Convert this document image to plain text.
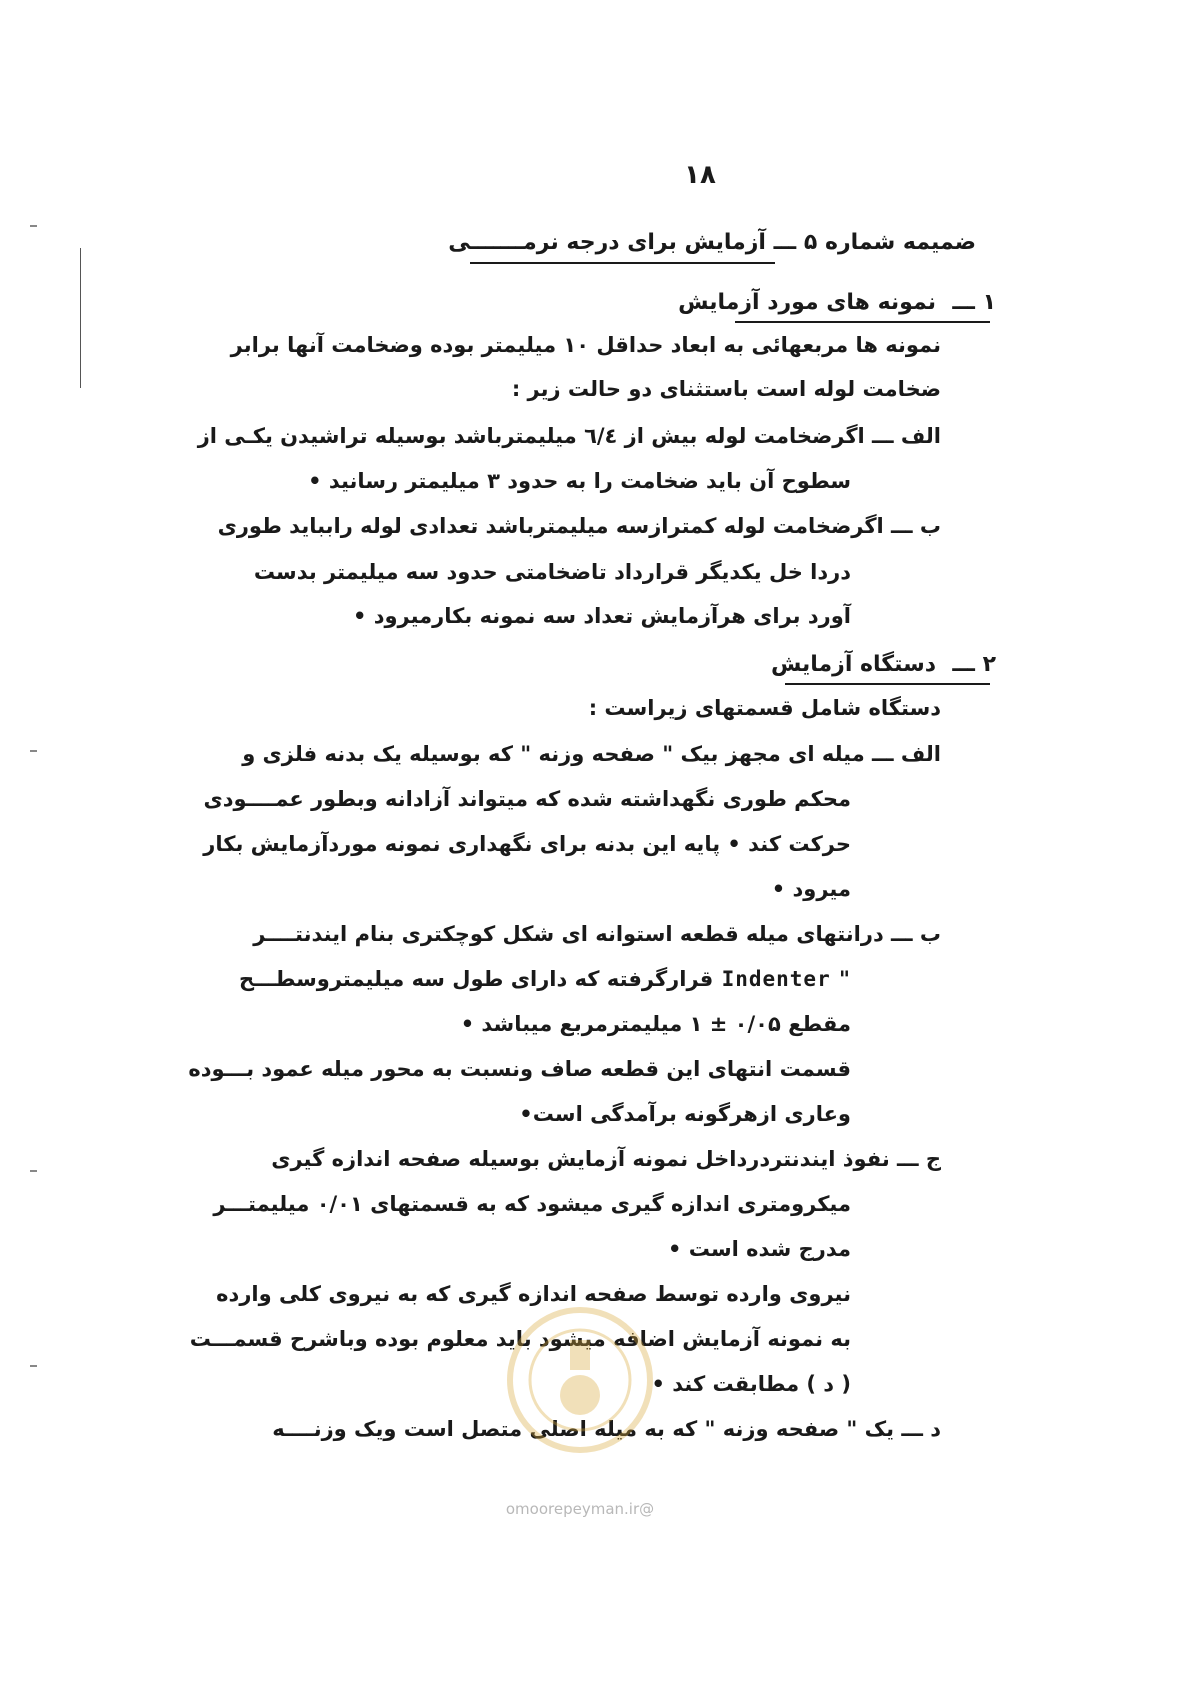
۱۸
ضمیمه شماره ۵ ـــ آزمایش برای درجه نرمـــــــی
۱ ـــ
نمونه های مورد آزمایش
نمونه ها مربعهائی به ابعاد حداقل ۱۰ میلیمتر بوده وضخامت آنها برابر
ضخامت لوله است باستثنای دو حالت زیر :
الف ـــ اگرضخامت لوله بیش از ٦/٤ میلیمترباشد بوسیله تراشیدن یکـی از
سطوح آن باید ضخامت را به حدود ۳ میلیمتر رسانید •
ب ـــ اگرضخامت لوله کمترازسه میلیمترباشد تعدادی لوله رابباید طوری
دردا خل یکدیگر قرارداد تاضخامتی حدود سه میلیمتر بدست
آورد برای هرآزمایش تعداد سه نمونه بکارمیرود •
۲ ـــ
دستگاه آزمایش
دستگاه شامل قسمتهای زیراست :
الف ـــ میله ای مجهز بیک " صفحه وزنه " که بوسیله یک بدنه فلزی و
محکم طوری نگهداشته شده که میتواند آزادانه وبطور عمــــودی
حرکت کند • پایه این بدنه برای نگهداری نمونه موردآزمایش بکار
میرود •
ب ـــ درانتهای میله قطعه استوانه ای شکل کوچکتری بنام ایندنتــــر
" Indenter قرارگرفته که دارای طول سه میلیمتروسطـــح
مقطع ۰/۰۵ ± ۱ میلیمترمربع میباشد •
قسمت انتهای این قطعه صاف ونسبت به محور میله عمود بـــوده
وعاری ازهرگونه برآمدگی است•
ج ـــ نفوذ ایندنتردرداخل نمونه آزمایش بوسیله صفحه اندازه گیری
میکرومتری اندازه گیری میشود که به قسمتهای ۰/۰۱ میلیمتـــر
مدرج شده است •
نیروی وارده توسط صفحه اندازه گیری که به نیروی کلی وارده
به نمونه آزمایش اضافه میشود باید معلوم بوده وباشرح قسمـــت
( د ) مطابقت کند •
د ـــ یک " صفحه وزنه " که به میله اصلی متصل است ویک وزنــــه
@omoorepeyman.ir
